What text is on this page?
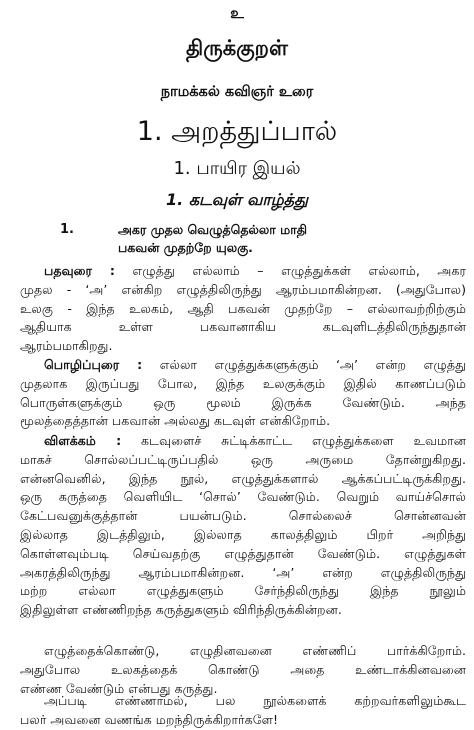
உ
திருக்குறள்
நாமக்கல் கவிஞர் உரை
1. அறத்துப்பால்
1. பாயிர இயல்
1. கடவுள் வாழ்த்து
1.	அகர முதல வெழுத்தெல்லா மாதி
பகவன் முதற்றே யுலகு.
பதவுரை : எழுத்து எல்லாம் – எழுத்துக்கள் எல்லாம், அகர
முதல - ‘அ’ என்கிற எழுத்திலிருந்து ஆரம்பமாகின்றன. (அதுபோல)
உலகு - இந்த உலகம், ஆதி பகவன் முதற்றே – எல்லாவற்றிற்கும்
ஆதியாக உள்ள பகவானாகிய கடவுளிடத்திலிருந்துதான்
ஆரம்பமாகிறது.
பொழிப்புரை : எல்லா எழுத்துக்களுக்கும் ‘அ’ என்ற எழுத்து
முதலாக இருப்பது போல, இந்த உலகுக்கும் இதில் காணப்படும்
பொருள்களுக்கும் ஒரு மூலம் இருக்க வேண்டும். அந்த
மூலத்தைத்தான் பகவான் அல்லது கடவுள் என்கிறோம்.
விளக்கம் : கடவுளைச் சுட்டிக்காட்ட எழுத்துக்களை உவமான
மாகச் சொல்லப்பட்டிருப்பதில் ஒரு அருமை தோன்றுகிறது.
என்னவெனில், இந்த நூல், எழுத்துக்களால் ஆக்கப்பட்டிருக்கிறது.
ஒரு கருத்தை வெளியிட ‘சொல்’ வேண்டும். வெறும் வாய்ச்சொல்
கேட்பவனுக்குத்தான் பயன்படும். சொல்லைச் சொன்னவன்
இல்லாத இடத்திலும், இல்லாத காலத்திலும் பிறர் அறிந்து
கொள்ளவும்படி செய்வதற்கு எழுத்துதான் வேண்டும். எழுத்துகள்
அகரத்திலிருந்து ஆரம்பமாகின்றன. ‘அ’ என்ற எழுத்திலிருந்து
மற்ற எல்லா எழுத்துகளும் சேர்ந்திலிருந்து இந்த நூலும்
இதிலுள்ள எண்ணிறந்த கருத்துகளும் விரிந்திருக்கின்றன.
எழுத்தைக்கொண்டு, எழுதினவனை எண்ணிப் பார்க்கிறோம்.
அதுபோல உலகத்தைக் கொண்டு அதை உண்டாக்கினவனை
எண்ண வேண்டும் என்பது கருத்து.
அப்படி எண்ணாமல், பல நூல்களைக் கற்றவர்களிலும்கூட
பலர் அவனை வணங்க மறந்திருக்கிறார்களே!
